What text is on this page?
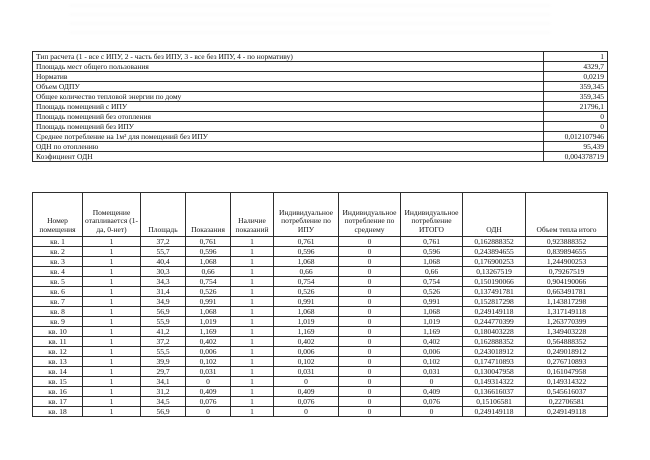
Тип расчета (1 - все с ИПУ, 2 - часть без ИПУ, 3 - все без ИПУ, 4 - по нормативу)	1
Площадь мест общего пользования	4329,7
Норматив	0,0219
Объем ОДПУ	359,345
Общее количество тепловой энергии по дому	359,345
Площадь помещений с ИПУ	21796,1
Площадь помещений без отопления	0
Площадь помещений без ИПУ	0
Среднее потребление на 1м² для помещений без ИПУ	0,012107946
ОДН по отоплению	95,439
Коэфициент ОДН	0,004378719
Номер помещения	Помещение отапливается (1-да, 0-нет)	Площадь	Показания	Наличие показаний	Индивидуальное потребление по ИПУ	Индивидуальное потребление по среднему	Индивидуальное потребление ИТОГО	ОДН	Объем тепла итого
кв. 1	1	37,2	0,761	1	0,761	0	0,761	0,162888352	0,923888352
кв. 2	1	55,7	0,596	1	0,596	0	0,596	0,243894655	0,839894655
кв. 3	1	40,4	1,068	1	1,068	0	1,068	0,176900253	1,244900253
кв. 4	1	30,3	0,66	1	0,66	0	0,66	0,13267519	0,79267519
кв. 5	1	34,3	0,754	1	0,754	0	0,754	0,150190066	0,904190066
кв. 6	1	31,4	0,526	1	0,526	0	0,526	0,137491781	0,663491781
кв. 7	1	34,9	0,991	1	0,991	0	0,991	0,152817298	1,143817298
кв. 8	1	56,9	1,068	1	1,068	0	1,068	0,249149118	1,317149118
кв. 9	1	55,9	1,019	1	1,019	0	1,019	0,244770399	1,263770399
кв. 10	1	41,2	1,169	1	1,169	0	1,169	0,180403228	1,349403228
кв. 11	1	37,2	0,402	1	0,402	0	0,402	0,162888352	0,564888352
кв. 12	1	55,5	0,006	1	0,006	0	0,006	0,243018912	0,249018912
кв. 13	1	39,9	0,102	1	0,102	0	0,102	0,174710893	0,276710893
кв. 14	1	29,7	0,031	1	0,031	0	0,031	0,130047958	0,161047958
кв. 15	1	34,1	0	1	0	0	0	0,149314322	0,149314322
кв. 16	1	31,2	0,409	1	0,409	0	0,409	0,136616037	0,545616037
кв. 17	1	34,5	0,076	1	0,076	0	0,076	0,15106581	0,22706581
кв. 18	1	56,9	0	1	0	0	0	0,249149118	0,249149118
